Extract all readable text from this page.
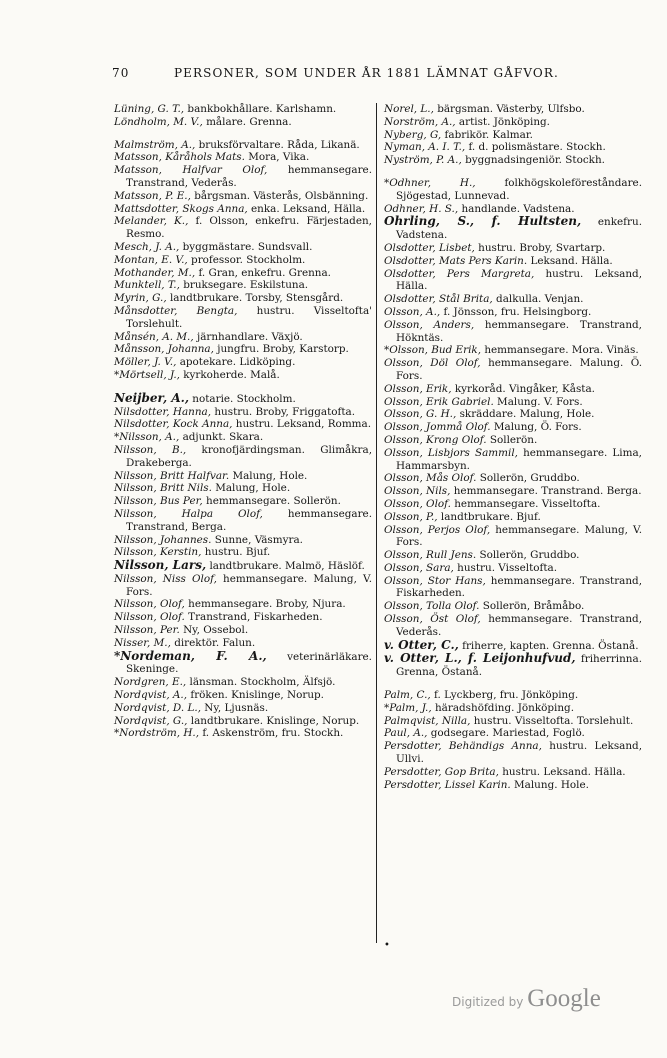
70	PERSONER, SOM UNDER ÅR 1881 LÄMNAT GÅFVOR.

Lüning, G. T., bankbokhållare. Karlshamn.

Löndholm, M. V., målare. Grenna.

Malmström, A., bruksförvaltare. Råda, Likanä.

Matsson, Kåråhols Mats. Mora, Vika.

Matsson, Halfvar Olof, hemmansegare. Transtrand, Vederås.

Matsson, P. E., bårgsman. Västerås, Olsbänning.

Mattsdotter, Skogs Anna, enka. Leksand, Hälla.

Melander, K., f. Olsson, enkefru. Färjestaden, Resmo.

Mesch, J. A., byggmästare. Sundsvall.

Montan, E. V., professor. Stockholm.

Mothander, M., f. Gran, enkefru. Grenna.

Munktell, T., bruksegare. Eskilstuna.

Myrin, G., landtbrukare. Torsby, Stensgård.

Månsdotter, Bengta, hustru. Visseltofta' Torslehult.

Månsén, A. M., järnhandlare. Växjö.

Månsson, Johanna, jungfru. Broby, Karstorp.

Möller, J. V., apotekare. Lidköping.

*Mörtsell, J., kyrkoherde. Malå.

Neijber, A., notarie. Stockholm.

Nilsdotter, Hanna, hustru. Broby, Friggatofta.

Nilsdotter, Kock Anna, hustru. Leksand, Romma.

*Nilsson, A., adjunkt. Skara.

Nilsson, B., kronofjärdingsman. Glimåkra, Drakeberga.

Nilsson, Britt Halfvar. Malung, Hole.

Nilsson, Britt Nils. Malung, Hole.

Nilsson, Bus Per, hemmansegare. Sollerön.

Nilsson, Halpa Olof, hemmansegare. Transtrand, Berga.

Nilsson, Johannes. Sunne, Väsmyra.

Nilsson, Kerstin, hustru. Bjuf.

Nilsson, Lars, landtbrukare. Malmö, Häslöf.

Nilsson, Niss Olof, hemmansegare. Malung, V. Fors.

Nilsson, Olof, hemmansegare. Broby, Njura.

Nilsson, Olof. Transtrand, Fiskarheden.

Nilsson, Per. Ny, Ossebol.

Nisser, M., direktör. Falun.

*Nordeman, F. A., veterinärläkare. Skeninge.

Nordgren, E., länsman. Stockholm, Älfsjö.

Nordqvist, A., fröken. Knislinge, Norup.

Nordqvist, D. L., Ny, Ljusnäs.

Nordqvist, G., landtbrukare. Knislinge, Norup.

*Nordström, H., f. Askenström, fru. Stockh.

Norel, L., bärgsman. Västerby, Ulfsbo.

Norström, A., artist. Jönköping.

Nyberg, G, fabrikör. Kalmar.

Nyman, A. I. T., f. d. polismästare. Stockh.

Nyström, P. A., byggnadsingeniör. Stockh.

*Odhner, H., folkhögskoleföreståndare. Sjögestad, Lunnevad.

Odhner, H. S., handlande. Vadstena.

Ohrling, S., f. Hultsten, enkefru. Vadstena.

Olsdotter, Lisbet, hustru. Broby, Svartarp.

Olsdotter, Mats Pers Karin. Leksand. Hälla.

Olsdotter, Pers Margreta, hustru. Leksand, Hälla.

Olsdotter, Stål Brita, dalkulla. Venjan.

Olsson, A., f. Jönsson, fru. Helsingborg.

Olsson, Anders, hemmansegare. Transtrand, Hökntäs.

*Olsson, Bud Erik, hemmansegare. Mora. Vinäs.

Olsson, Döl Olof, hemmansegare. Malung. Ö. Fors.

Olsson, Erik, kyrkoråd. Vingåker, Kåsta.

Olsson, Erik Gabriel. Malung. V. Fors.

Olsson, G. H., skräddare. Malung, Hole.

Olsson, Jommå Olof. Malung, Ö. Fors.

Olsson, Krong Olof. Sollerön.

Olsson, Lisbjors Sammil, hemmansegare. Lima, Hammarsbyn.

Olsson, Mås Olof. Sollerön, Gruddbo.

Olsson, Nils, hemmansegare. Transtrand. Berga.

Olsson, Olof. hemmansegare. Visseltofta.

Olsson, P., landtbrukare. Bjuf.

Olsson, Perjos Olof, hemmansegare. Malung, V. Fors.

Olsson, Rull Jens. Sollerön, Gruddbo.

Olsson, Sara, hustru. Visseltofta.

Olsson, Stor Hans, hemmansegare. Transtrand, Fiskarheden.

Olsson, Tolla Olof. Sollerön, Bråmåbo.

Olsson, Öst Olof, hemmansegare. Transtrand, Vederås.

v. Otter, C., friherre, kapten. Grenna. Östanå.

v. Otter, L., f. Leijonhufvud, friherrinna. Grenna, Östanå.

Palm, C., f. Lyckberg, fru. Jönköping.

*Palm, J., häradshöfding. Jönköping.

Palmqvist, Nilla, hustru. Visseltofta. Torslehult.

Paul, A., godsegare. Mariestad, Foglö.

Persdotter, Behändigs Anna, hustru. Leksand, Ullvi.

Persdotter, Gop Brita, hustru. Leksand. Hälla.

Persdotter, Lissel Karin. Malung. Hole.

•
Digitized by Google
